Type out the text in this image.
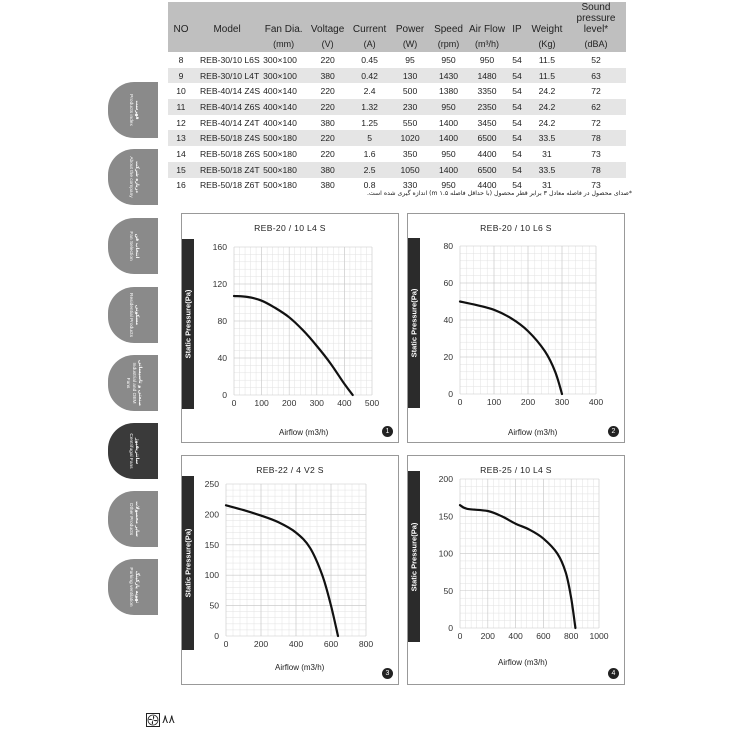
NO	Model	Fan Dia.	Voltage	Current	Power	Speed	Air Flow	IP	Weight	Sound pressure level*
		(mm)	(V)	(A)	(W)	(rpm)	(m³/h)		(Kg)	(dBA)
8	REB-30/10 L6S	300×100	220	0.45	95	950	950	54	11.5	52
9	REB-30/10 L4T	300×100	380	0.42	130	1430	1480	54	11.5	63
10	REB-40/14 Z4S	400×140	220	2.4	500	1380	3350	54	24.2	72
11	REB-40/14 Z6S	400×140	220	1.32	230	950	2350	54	24.2	62
12	REB-40/14 Z4T	400×140	380	1.25	550	1400	3450	54	24.2	72
13	REB-50/18 Z4S	500×180	220	5	1020	1400	6500	54	33.5	78
14	REB-50/18 Z6S	500×180	220	1.6	350	950	4400	54	31	73
15	REB-50/18 Z4T	500×180	380	2.5	1050	1400	6500	54	33.5	78
16	REB-50/18 Z6T	500×180	380	0.8	330	950	4400	54	31	73
*صدای محصول در فاصله معادل ۳ برابر قطر محصول (با حداقل فاصله ۱.۵ m) اندازه گیری شده است.
فهرست
Products index
درباره شرکت
About the company
انتخاب فن
Fan Selection
مسکونی
Residential Products
صنعتی و تاسیساتی
Industrial and OEM Fans
سانتریفیوژ
Centrifugal Fans
سایر محصولات
Other Products
تهویه پارکینگ
Parking ventilation
0 100 200 300 400 500
0
40
80
120
160
REB-20 / 10 L4 S
Static Pressure(Pa)
Airflow (m3/h)	1
0	100 200 300 400
0
20
40
60
80
REB-20 / 10 L6 S
Static Pressure(Pa)
Airflow (m3/h)	2
0	200 400 600 800
0
50
100
150
200
250
REB-22 / 4 V2 S
Static Pressure(Pa)
Airflow (m3/h)
3
0 200 400 600 800 1000
0
50
100
150
200
REB-25 / 10 L4 S
Static Pressure(Pa)
Airflow (m3/h)
4
۸۸
